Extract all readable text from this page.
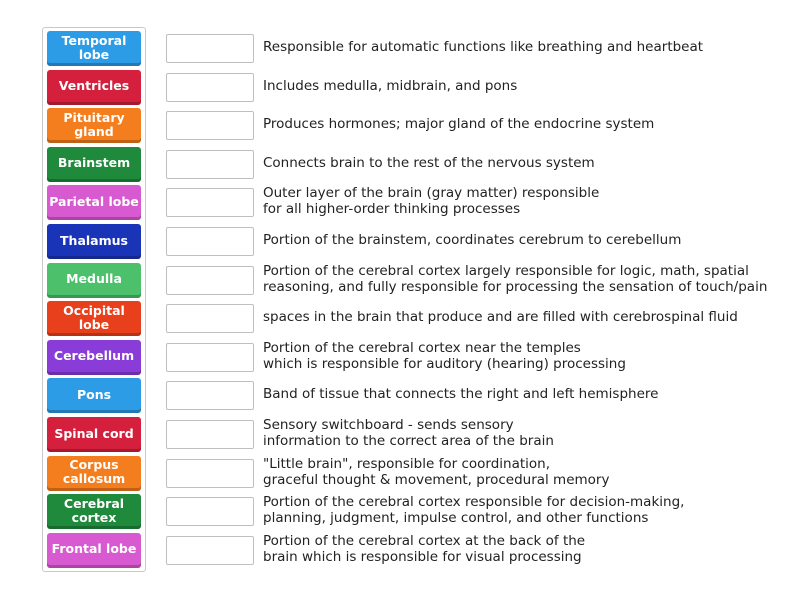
Temporal lobe
Ventricles
Pituitary gland
Brainstem
Parietal lobe
Thalamus
Medulla
Occipital lobe
Cerebellum
Pons
Spinal cord
Corpus callosum
Cerebral cortex
Frontal lobe
Responsible for automatic functions like breathing and heartbeat
Includes medulla, midbrain, and pons
Produces hormones; major gland of the endocrine system
Connects brain to the rest of the nervous system
Outer layer of the brain (gray matter) responsible
for all higher-order thinking processes
Portion of the brainstem, coordinates cerebrum to cerebellum
Portion of the cerebral cortex largely responsible for logic, math, spatial
reasoning, and fully responsible for processing the sensation of touch/pain
spaces in the brain that produce and are filled with cerebrospinal fluid
Portion of the cerebral cortex near the temples
which is responsible for auditory (hearing) processing
Band of tissue that connects the right and left hemisphere
Sensory switchboard - sends sensory
information to the correct area of the brain
"Little brain", responsible for coordination,
graceful thought & movement, procedural memory
Portion of the cerebral cortex responsible for decision-making,
planning, judgment, impulse control, and other functions
Portion of the cerebral cortex at the back of the
brain which is responsible for visual processing
